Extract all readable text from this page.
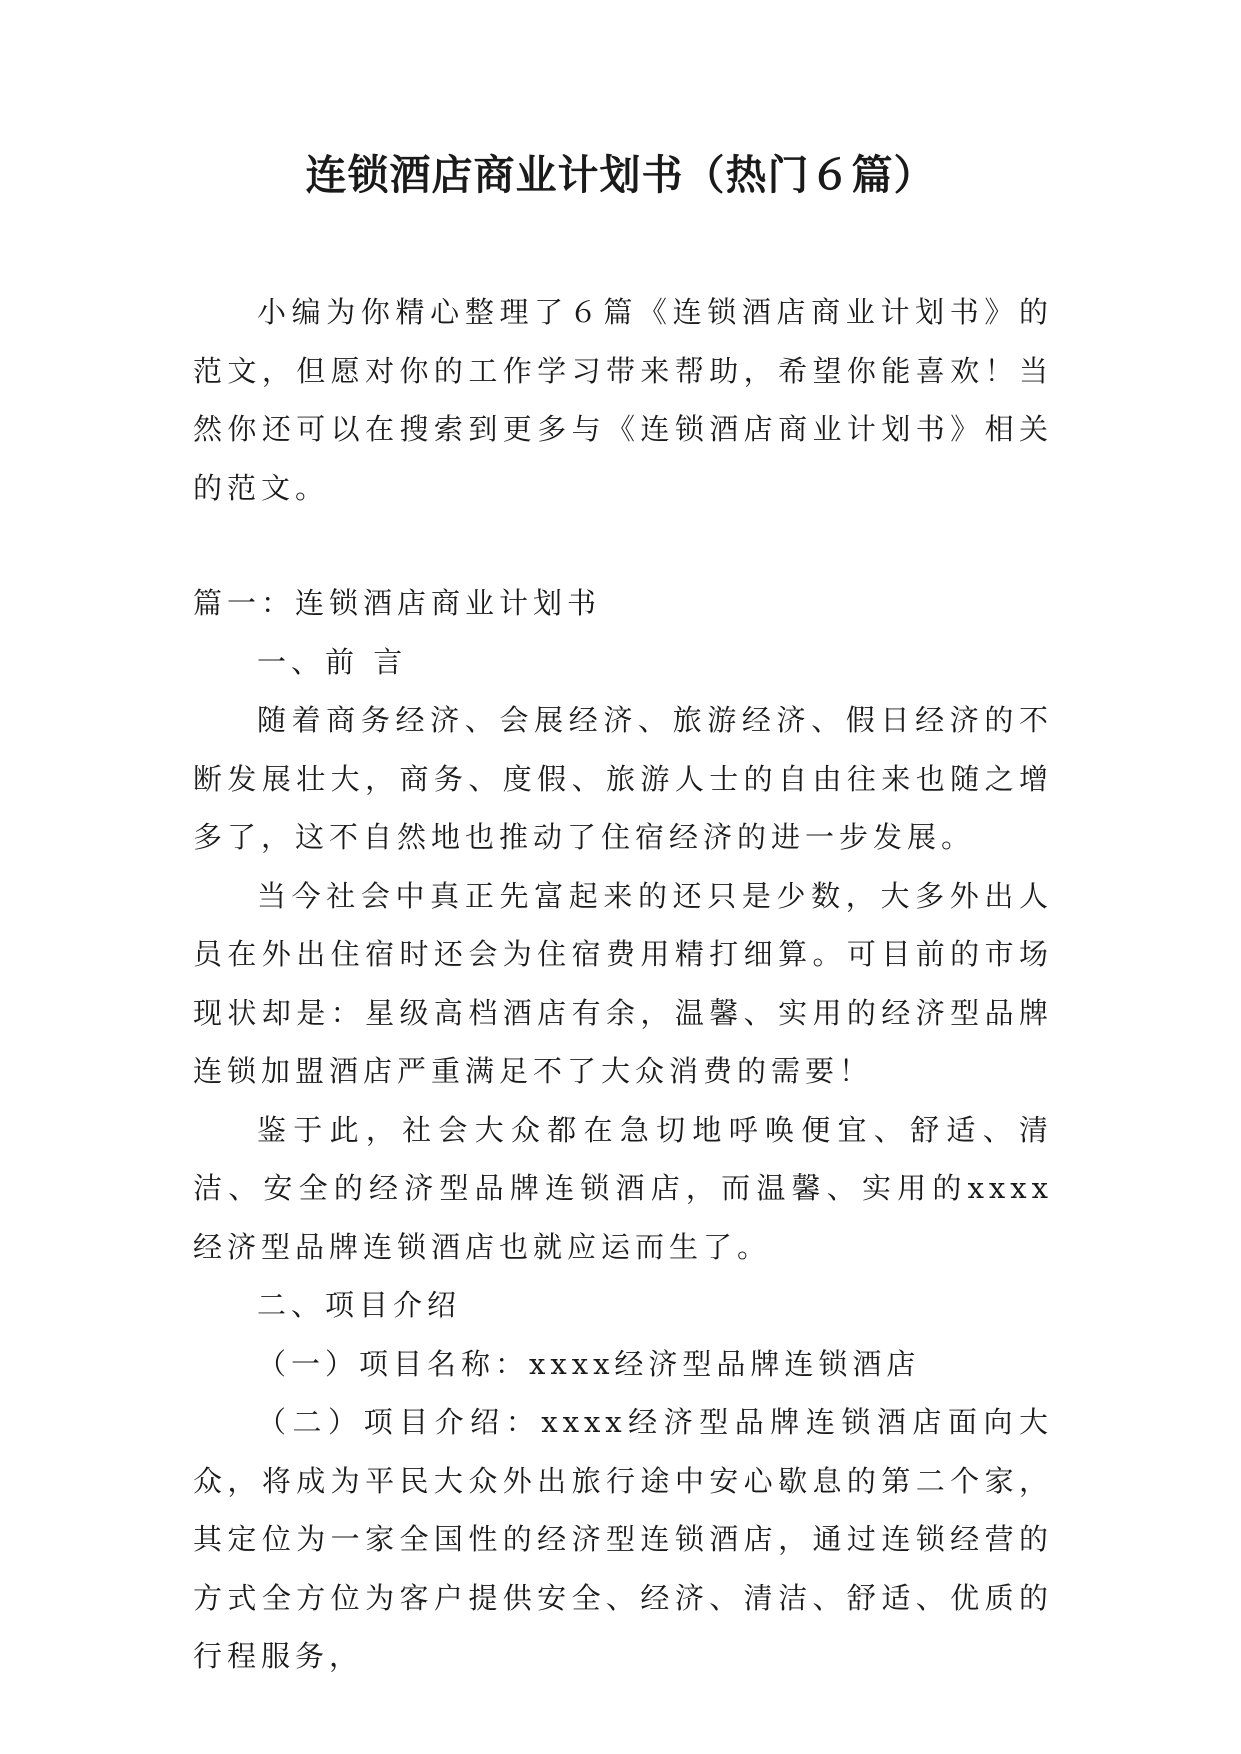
连锁酒店商业计划书（热门６篇）

小编为你精心整理了６篇《连锁酒店商业计划书》的范文，但愿对你的工作学习带来帮助，希望你能喜欢！当然你还可以在搜索到更多与《连锁酒店商业计划书》相关的范文。

篇一：连锁酒店商业计划书

一、前 言

随着商务经济、会展经济、旅游经济、假日经济的不断发展壮大，商务、度假、旅游人士的自由往来也随之增多了，这不自然地也推动了住宿经济的进一步发展。

当今社会中真正先富起来的还只是少数，大多外出人员在外出住宿时还会为住宿费用精打细算。可目前的市场现状却是：星级高档酒店有余，温馨、实用的经济型品牌连锁加盟酒店严重满足不了大众消费的需要！

鉴于此，社会大众都在急切地呼唤便宜、舒适、清洁、安全的经济型品牌连锁酒店，而温馨、实用的xxxx经济型品牌连锁酒店也就应运而生了。

二、项目介绍

（一）项目名称：xxxx经济型品牌连锁酒店

（二）项目介绍：xxxx经济型品牌连锁酒店面向大众，将成为平民大众外出旅行途中安心歇息的第二个家，其定位为一家全国性的经济型连锁酒店，通过连锁经营的方式全方位为客户提供安全、经济、清洁、舒适、优质的行程服务，
